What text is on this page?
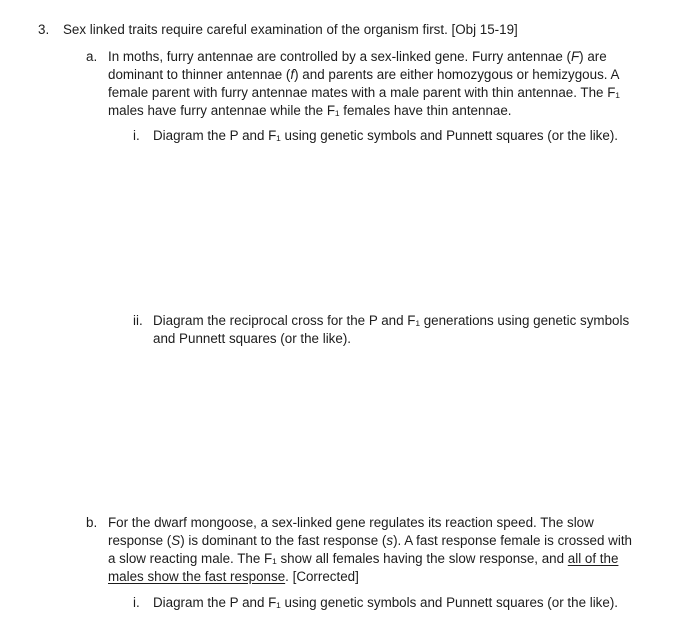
3. Sex linked traits require careful examination of the organism first. [Obj 15-19]
a. In moths, furry antennae are controlled by a sex-linked gene. Furry antennae (F) are
dominant to thinner antennae (f) and parents are either homozygous or hemizygous. A
female parent with furry antennae mates with a male parent with thin antennae. The F₁
males have furry antennae while the F₁ females have thin antennae.
i. Diagram the P and F₁ using genetic symbols and Punnett squares (or the like).
ii. Diagram the reciprocal cross for the P and F₁ generations using genetic symbols
and Punnett squares (or the like).
b. For the dwarf mongoose, a sex-linked gene regulates its reaction speed. The slow
response (S) is dominant to the fast response (s). A fast response female is crossed with
a slow reacting male. The F₁ show all females having the slow response, and all of the
males show the fast response. [Corrected]
i. Diagram the P and F₁ using genetic symbols and Punnett squares (or the like).
